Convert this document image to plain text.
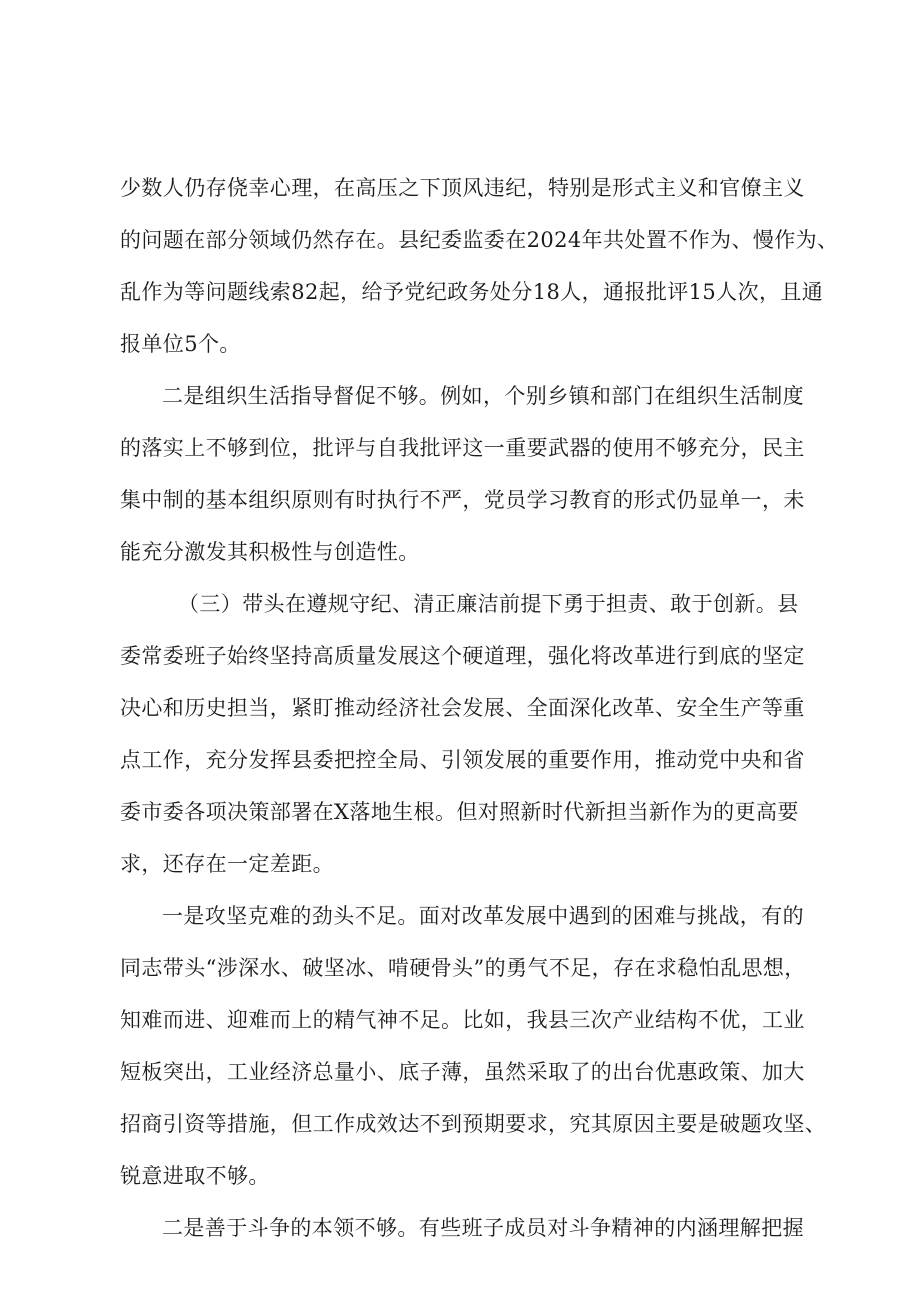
少数人仍存侥幸心理，在高压之下顶风违纪，特别是形式主义和官僚主义
的问题在部分领域仍然存在。县纪委监委在2024年共处置不作为、慢作为、
乱作为等问题线索82起，给予党纪政务处分18人，通报批评15人次，且通
报单位5个。
二是组织生活指导督促不够。例如，个别乡镇和部门在组织生活制度
的落实上不够到位，批评与自我批评这一重要武器的使用不够充分，民主
集中制的基本组织原则有时执行不严，党员学习教育的形式仍显单一，未
能充分激发其积极性与创造性。
（三）带头在遵规守纪、清正廉洁前提下勇于担责、敢于创新。县
委常委班子始终坚持高质量发展这个硬道理，强化将改革进行到底的坚定
决心和历史担当，紧盯推动经济社会发展、全面深化改革、安全生产等重
点工作，充分发挥县委把控全局、引领发展的重要作用，推动党中央和省
委市委各项决策部署在X落地生根。但对照新时代新担当新作为的更高要
求，还存在一定差距。
一是攻坚克难的劲头不足。面对改革发展中遇到的困难与挑战，有的
同志带头“涉深水、破坚冰、啃硬骨头”的勇气不足，存在求稳怕乱思想，
知难而进、迎难而上的精气神不足。比如，我县三次产业结构不优，工业
短板突出，工业经济总量小、底子薄，虽然采取了的出台优惠政策、加大
招商引资等措施，但工作成效达不到预期要求，究其原因主要是破题攻坚、
锐意进取不够。
二是善于斗争的本领不够。有些班子成员对斗争精神的内涵理解把握
